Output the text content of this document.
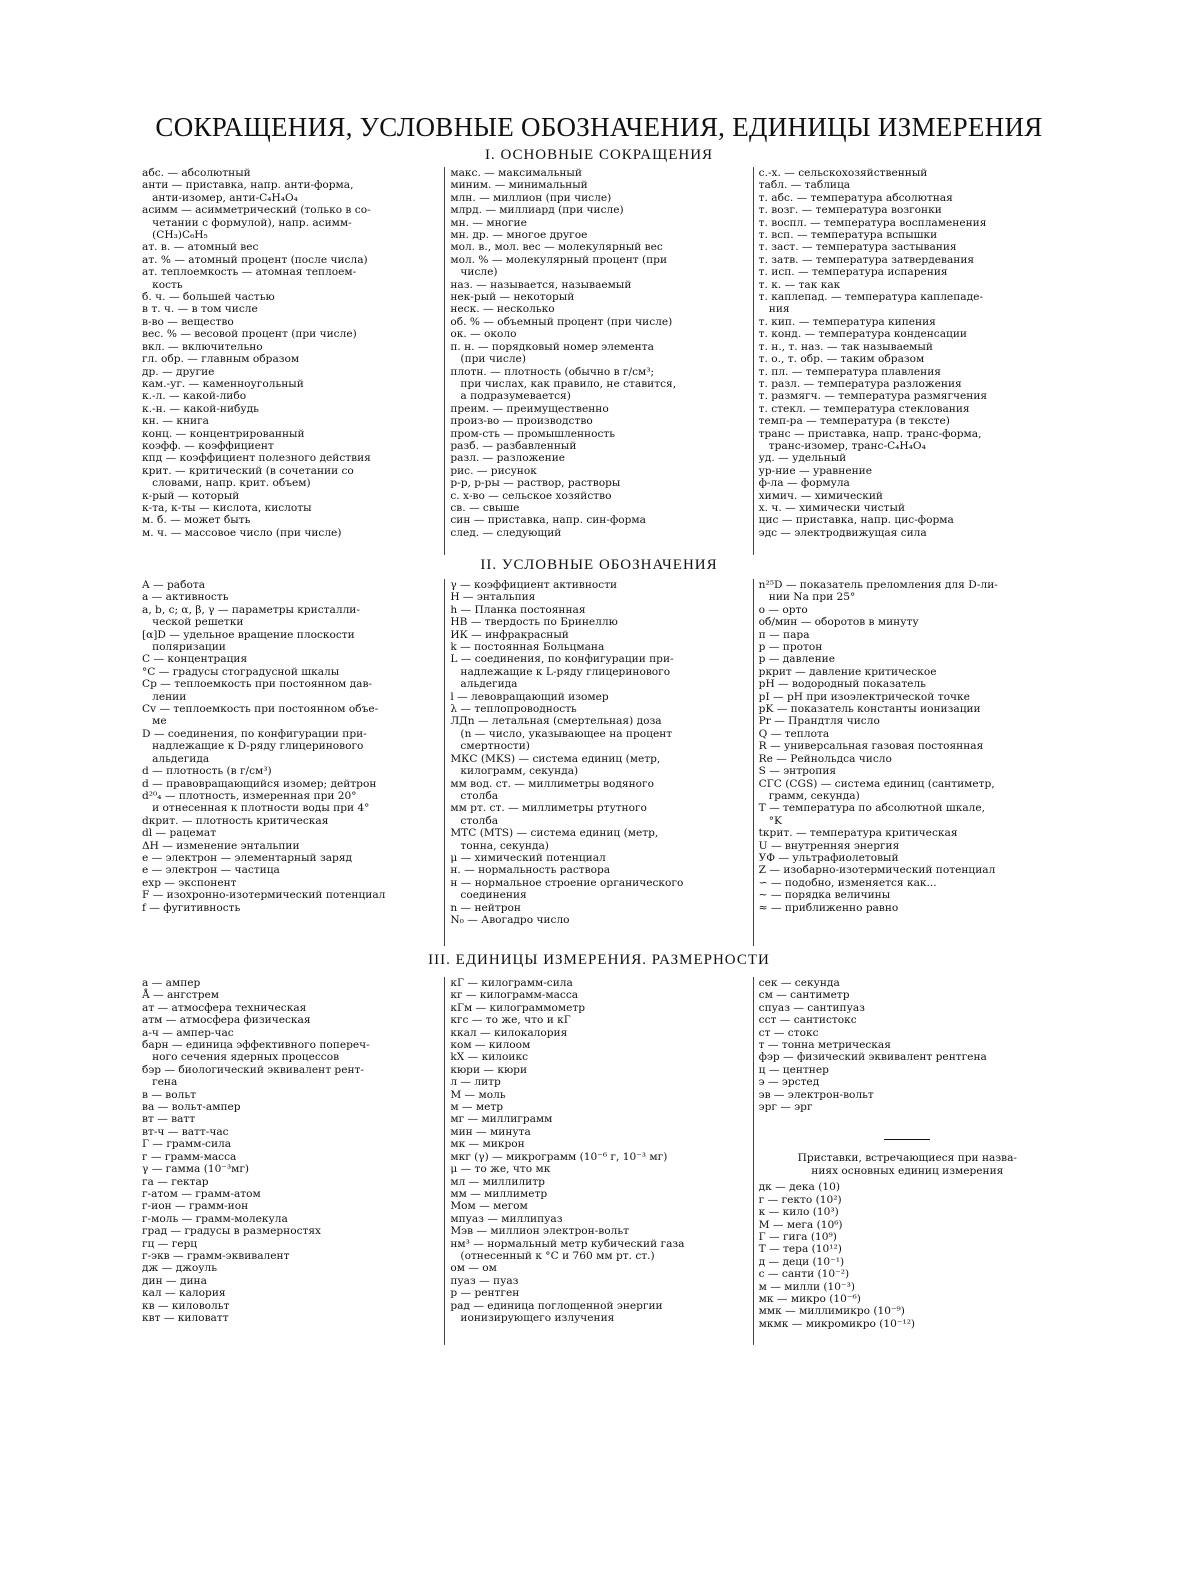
СОКРАЩЕНИЯ, УСЛОВНЫЕ ОБОЗНАЧЕНИЯ, ЕДИНИЦЫ ИЗМЕРЕНИЯ
I. ОСНОВНЫЕ СОКРАЩЕНИЯ

абс. — абсолютный

анти — приставка, напр. анти-форма,

анти-изомер, анти-C₄H₄O₄

асимм — асимметрический (только в со-

четании с формулой), напр. асимм-

(CH₃)C₆H₅

ат. в. — атомный вес

ат. % — атомный процент (после числа)

ат. теплоемкость — атомная теплоем-

кость

б. ч. — большей частью

в т. ч. — в том числе

в-во — вещество

вес. % — весовой процент (при числе)

вкл. — включительно

гл. обр. — главным образом

др. — другие

кам.-уг. — каменноугольный

к.-л. — какой-либо

к.-н. — какой-нибудь

кн. — книга

конц. — концентрированный

коэфф. — коэффициент

кпд — коэффициент полезного действия

крит. — критический (в сочетании со

словами, напр. крит. объем)

к-рый — который

к-та, к-ты — кислота, кислоты

м. б. — может быть

м. ч. — массовое число (при числе)

макс. — максимальный

миним. — минимальный

млн. — миллион (при числе)

млрд. — миллиард (при числе)

мн. — многие

мн. др. — многое другое

мол. в., мол. вес — молекулярный вес

мол. % — молекулярный процент (при

числе)

наз. — называется, называемый

нек-рый — некоторый

неск. — несколько

об. % — объемный процент (при числе)

ок. — около

п. н. — порядковый номер элемента

(при числе)

плотн. — плотность (обычно в г/см³;

при числах, как правило, не ставится,

а подразумевается)

преим. — преимущественно

произ-во — производство

пром-сть — промышленность

разб. — разбавленный

разл. — разложение

рис. — рисунок

р-р, р-ры — раствор, растворы

с. х-во — сельское хозяйство

св. — свыше

син — приставка, напр. син-форма

след. — следующий

с.-х. — сельскохозяйственный

табл. — таблица

т. абс. — температура абсолютная

т. возг. — температура возгонки

т. воспл. — температура воспламенения

т. всп. — температура вспышки

т. заст. — температура застывания

т. затв. — температура затвердевания

т. исп. — температура испарения

т. к. — так как

т. каплепад. — температура каплепаде-

ния

т. кип. — температура кипения

т. конд. — температура конденсации

т. н., т. наз. — так называемый

т. о., т. обр. — таким образом

т. пл. — температура плавления

т. разл. — температура разложения

т. размягч. — температура размягчения

т. стекл. — температура стеклования

темп-ра — температура (в тексте)

транс — приставка, напр. транс-форма,

транс-изомер, транс-C₄H₄O₄

уд. — удельный

ур-ние — уравнение

ф-ла — формула

химич. — химический

х. ч. — химически чистый

цис — приставка, напр. цис-форма

эдс — электродвижущая сила

II. УСЛОВНЫЕ ОБОЗНАЧЕНИЯ

A — работа

a — активность

a, b, c; α, β, γ — параметры кристалли-

ческой решетки

[α]D — удельное вращение плоскости

поляризации

C — концентрация

°C — градусы стоградусной шкалы

Cp — теплоемкость при постоянном дав-

лении

Cv — теплоемкость при постоянном объе-

ме

D — соединения, по конфигурации при-

надлежащие к D-ряду глицеринового

альдегида

d — плотность (в г/см³)

d — правовращающийся изомер; дейтрон

d²⁰₄ — плотность, измеренная при 20°

и отнесенная к плотности воды при 4°

dкрит. — плотность критическая

dl — рацемат

ΔH — изменение энтальпии

e — электрон — элементарный заряд

e — электрон — частица

exp — экспонент

F — изохронно-изотермический потенциал

f — фугитивность

γ — коэффициент активности

H — энтальпия

h — Планка постоянная

HB — твердость по Бринеллю

ИК — инфракрасный

k — постоянная Больцмана

L — соединения, по конфигурации при-

надлежащие к L-ряду глицеринового

альдегида

l — левовращающий изомер

λ — теплопроводность

ЛДn — летальная (смертельная) доза

(n — число, указывающее на процент

смертности)

МКС (MKS) — система единиц (метр,

килограмм, секунда)

мм вод. ст. — миллиметры водяного

столба

мм рт. ст. — миллиметры ртутного

столба

МТС (MTS) — система единиц (метр,

тонна, секунда)

μ — химический потенциал

н. — нормальность раствора

н — нормальное строение органического

соединения

n — нейтрон

N₀ — Авогадро число

n²⁵D — показатель преломления для D-ли-

нии Na при 25°

о — орто

об/мин — оборотов в минуту

п — пара

р — протон

p — давление

pкрит — давление критическое

pH — водородный показатель

pI — pH при изоэлектрической точке

pK — показатель константы ионизации

Pr — Прандтля число

Q — теплота

R — универсальная газовая постоянная

Re — Рейнольдса число

S — энтропия

СГС (CGS) — система единиц (сантиметр,

грамм, секунда)

T — температура по абсолютной шкале,

°K

tкрит. — температура критическая

U — внутренняя энергия

УФ — ультрафиолетовый

Z — изобарно-изотермический потенциал

∽ — подобно, изменяется как...

∼ — порядка величины

≈ — приближенно равно

III. ЕДИНИЦЫ ИЗМЕРЕНИЯ. РАЗМЕРНОСТИ

а — ампер

Å — ангстрем

ат — атмосфера техническая

атм — атмосфера физическая

а-ч — ампер-час

барн — единица эффективного попереч-

ного сечения ядерных процессов

бэр — биологический эквивалент рент-

гена

в — вольт

ва — вольт-ампер

вт — ватт

вт-ч — ватт-час

Г — грамм-сила

г — грамм-масса

γ — гамма (10⁻³мг)

га — гектар

г-атом — грамм-атом

г-ион — грамм-ион

г-моль — грамм-молекула

град — градусы в размерностях

гц — герц

г-экв — грамм-эквивалент

дж — джоуль

дин — дина

кал — калория

кв — киловольт

квт — киловатт

кГ — килограмм-сила

кг — килограмм-масса

кГм — килограммометр

кгс — то же, что и кГ

ккал — килокалория

ком — килоом

kX — килоикс

кюри — кюри

л — литр

M — моль

м — метр

мг — миллиграмм

мин — минута

мк — микрон

мкг (γ) — микрограмм (10⁻⁶ г, 10⁻³ мг)

μ — то же, что мк

мл — миллилитр

мм — миллиметр

Мом — мегом

мпуаз — миллипуаз

Мэв — миллион электрон-вольт

нм³ — нормальный метр кубический газа

(отнесенный к °C и 760 мм рт. ст.)

ом — ом

пуаз — пуаз

р — рентген

рад — единица поглощенной энергии

ионизирующего излучения

сек — секунда

см — сантиметр

спуаз — сантипуаз

сст — сантистокс

ст — стокс

т — тонна метрическая

фэр — физический эквивалент рентгена

ц — центнер

э — эрстед

эв — электрон-вольт

эрг — эрг

Приставки, встречающиеся при назва-
ниях основных единиц измерения

дк — дека (10)

г — гекто (10²)

к — кило (10³)

М — мега (10⁶)

Г — гига (10⁹)

Т — тера (10¹²)

д — деци (10⁻¹)

с — санти (10⁻²)

м — милли (10⁻³)

мк — микро (10⁻⁶)

ммк — миллимикро (10⁻⁹)

мкмк — микромикро (10⁻¹²)
